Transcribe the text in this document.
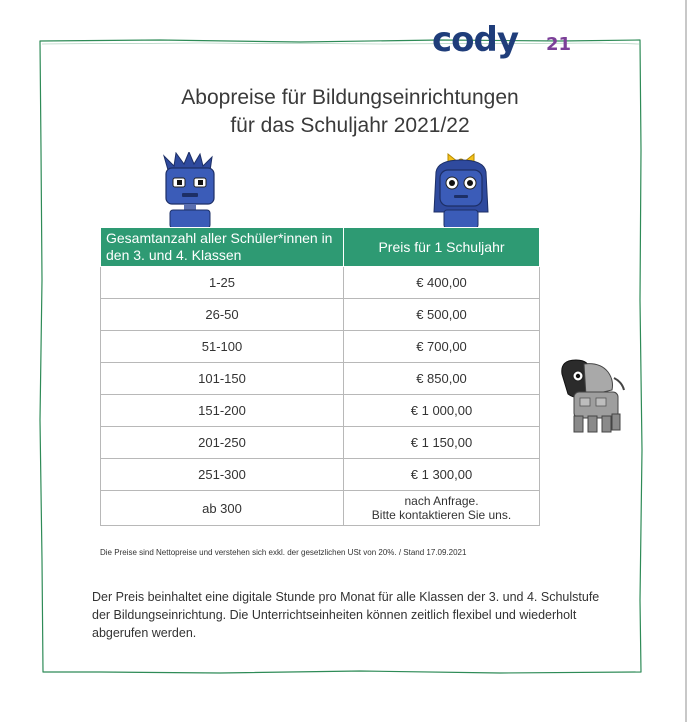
cody 21
Abopreise für Bildungseinrichtungen
für das Schuljahr 2021/22
Gesamtanzahl aller Schüler*innen in den 3. und 4. Klassen	Preis für 1 Schuljahr
1-25	€ 400,00
26-50	€ 500,00
51-100	€ 700,00
101-150	€ 850,00
151-200	€ 1 000,00
201-250	€ 1 150,00
251-300	€ 1 300,00
ab 300	nach Anfrage.
Bitte kontaktieren Sie uns.
Die Preise sind Nettopreise und verstehen sich exkl. der gesetzlichen USt von 20%. / Stand 17.09.2021
Der Preis beinhaltet eine digitale Stunde pro Monat für alle Klassen der 3. und 4. Schulstufe der Bildungseinrichtung. Die Unterrichtseinheiten können zeitlich flexibel und wiederholt abgerufen werden.
